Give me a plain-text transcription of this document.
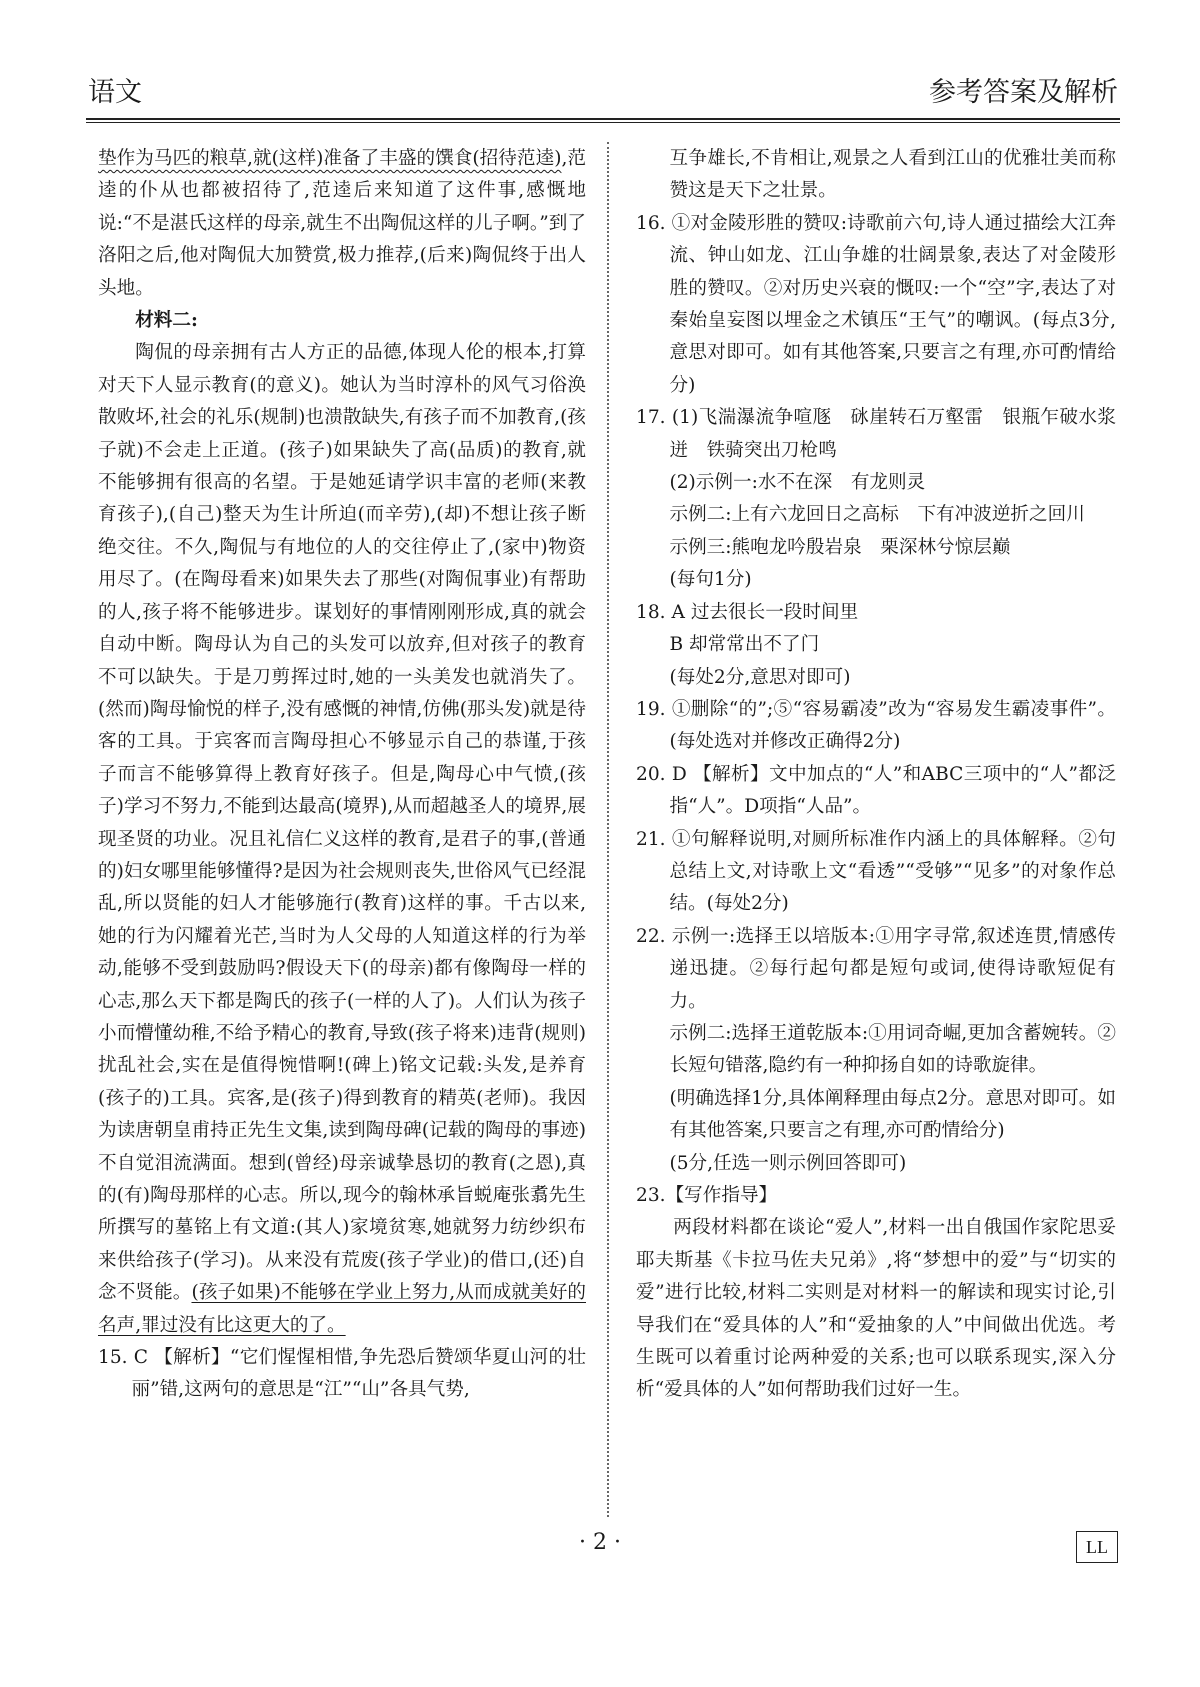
语文	参考答案及解析

垫作为马匹的粮草,就(这样)准备了丰盛的馔食(招待范逵),范逵的仆从也都被招待了,范逵后来知道了这件事,感慨地说:“不是湛氏这样的母亲,就生不出陶侃这样的儿子啊。”到了洛阳之后,他对陶侃大加赞赏,极力推荐,(后来)陶侃终于出人头地。

材料二:

陶侃的母亲拥有古人方正的品德,体现人伦的根本,打算对天下人显示教育(的意义)。她认为当时淳朴的风气习俗涣散败坏,社会的礼乐(规制)也溃散缺失,有孩子而不加教育,(孩子就)不会走上正道。(孩子)如果缺失了高(品质)的教育,就不能够拥有很高的名望。于是她延请学识丰富的老师(来教育孩子),(自己)整天为生计所迫(而辛劳),(却)不想让孩子断绝交往。不久,陶侃与有地位的人的交往停止了,(家中)物资用尽了。(在陶母看来)如果失去了那些(对陶侃事业)有帮助的人,孩子将不能够进步。谋划好的事情刚刚形成,真的就会自动中断。陶母认为自己的头发可以放弃,但对孩子的教育不可以缺失。于是刀剪挥过时,她的一头美发也就消失了。(然而)陶母愉悦的样子,没有感慨的神情,仿佛(那头发)就是待客的工具。于宾客而言陶母担心不够显示自己的恭谨,于孩子而言不能够算得上教育好孩子。但是,陶母心中气愤,(孩子)学习不努力,不能到达最高(境界),从而超越圣人的境界,展现圣贤的功业。况且礼信仁义这样的教育,是君子的事,(普通的)妇女哪里能够懂得?是因为社会规则丧失,世俗风气已经混乱,所以贤能的妇人才能够施行(教育)这样的事。千古以来,她的行为闪耀着光芒,当时为人父母的人知道这样的行为举动,能够不受到鼓励吗?假设天下(的母亲)都有像陶母一样的心志,那么天下都是陶氏的孩子(一样的人了)。人们认为孩子小而懵懂幼稚,不给予精心的教育,导致(孩子将来)违背(规则)扰乱社会,实在是值得惋惜啊!(碑上)铭文记载:头发,是养育(孩子的)工具。宾客,是(孩子)得到教育的精英(老师)。我因为读唐朝皇甫持正先生文集,读到陶母碑(记载的陶母的事迹)不自觉泪流满面。想到(曾经)母亲诚挚恳切的教育(之恩),真的(有)陶母那样的心志。所以,现今的翰林承旨蜕庵张翥先生所撰写的墓铭上有文道:(其人)家境贫寒,她就努力纺纱织布来供给孩子(学习)。从来没有荒废(孩子学业)的借口,(还)自念不贤能。(孩子如果)不能够在学业上努力,从而成就美好的名声,罪过没有比这更大的了。

15. C 【解析】“它们惺惺相惜,争先恐后赞颂华夏山河的壮丽”错,这两句的意思是“江”“山”各具气势,

互争雄长,不肯相让,观景之人看到江山的优雅壮美而称赞这是天下之壮景。

16. ①对金陵形胜的赞叹:诗歌前六句,诗人通过描绘大江奔流、钟山如龙、江山争雄的壮阔景象,表达了对金陵形胜的赞叹。②对历史兴衰的慨叹:一个“空”字,表达了对秦始皇妄图以埋金之术镇压“王气”的嘲讽。(每点3分,意思对即可。如有其他答案,只要言之有理,亦可酌情给分)

17. (1)飞湍瀑流争喧豗　砯崖转石万壑雷　银瓶乍破水浆迸　铁骑突出刀枪鸣

(2)示例一:水不在深　有龙则灵

示例二:上有六龙回日之高标　下有冲波逆折之回川

示例三:熊咆龙吟殷岩泉　栗深林兮惊层巅

(每句1分)

18. A 过去很长一段时间里

B 却常常出不了门

(每处2分,意思对即可)

19. ①删除“的”;⑤“容易霸凌”改为“容易发生霸凌事件”。(每处选对并修改正确得2分)

20. D 【解析】文中加点的“人”和ABC三项中的“人”都泛指“人”。D项指“人品”。

21. ①句解释说明,对厕所标准作内涵上的具体解释。②句总结上文,对诗歌上文“看透”“受够”“见多”的对象作总结。(每处2分)

22. 示例一:选择王以培版本:①用字寻常,叙述连贯,情感传递迅捷。②每行起句都是短句或词,使得诗歌短促有力。

示例二:选择王道乾版本:①用词奇崛,更加含蓄婉转。②长短句错落,隐约有一种抑扬自如的诗歌旋律。

(明确选择1分,具体阐释理由每点2分。意思对即可。如有其他答案,只要言之有理,亦可酌情给分)

(5分,任选一则示例回答即可)

23.【写作指导】

两段材料都在谈论“爱人”,材料一出自俄国作家陀思妥耶夫斯基《卡拉马佐夫兄弟》,将“梦想中的爱”与“切实的爱”进行比较,材料二实则是对材料一的解读和现实讨论,引导我们在“爱具体的人”和“爱抽象的人”中间做出优选。考生既可以着重讨论两种爱的关系;也可以联系现实,深入分析“爱具体的人”如何帮助我们过好一生。

· 2 ·	LL
